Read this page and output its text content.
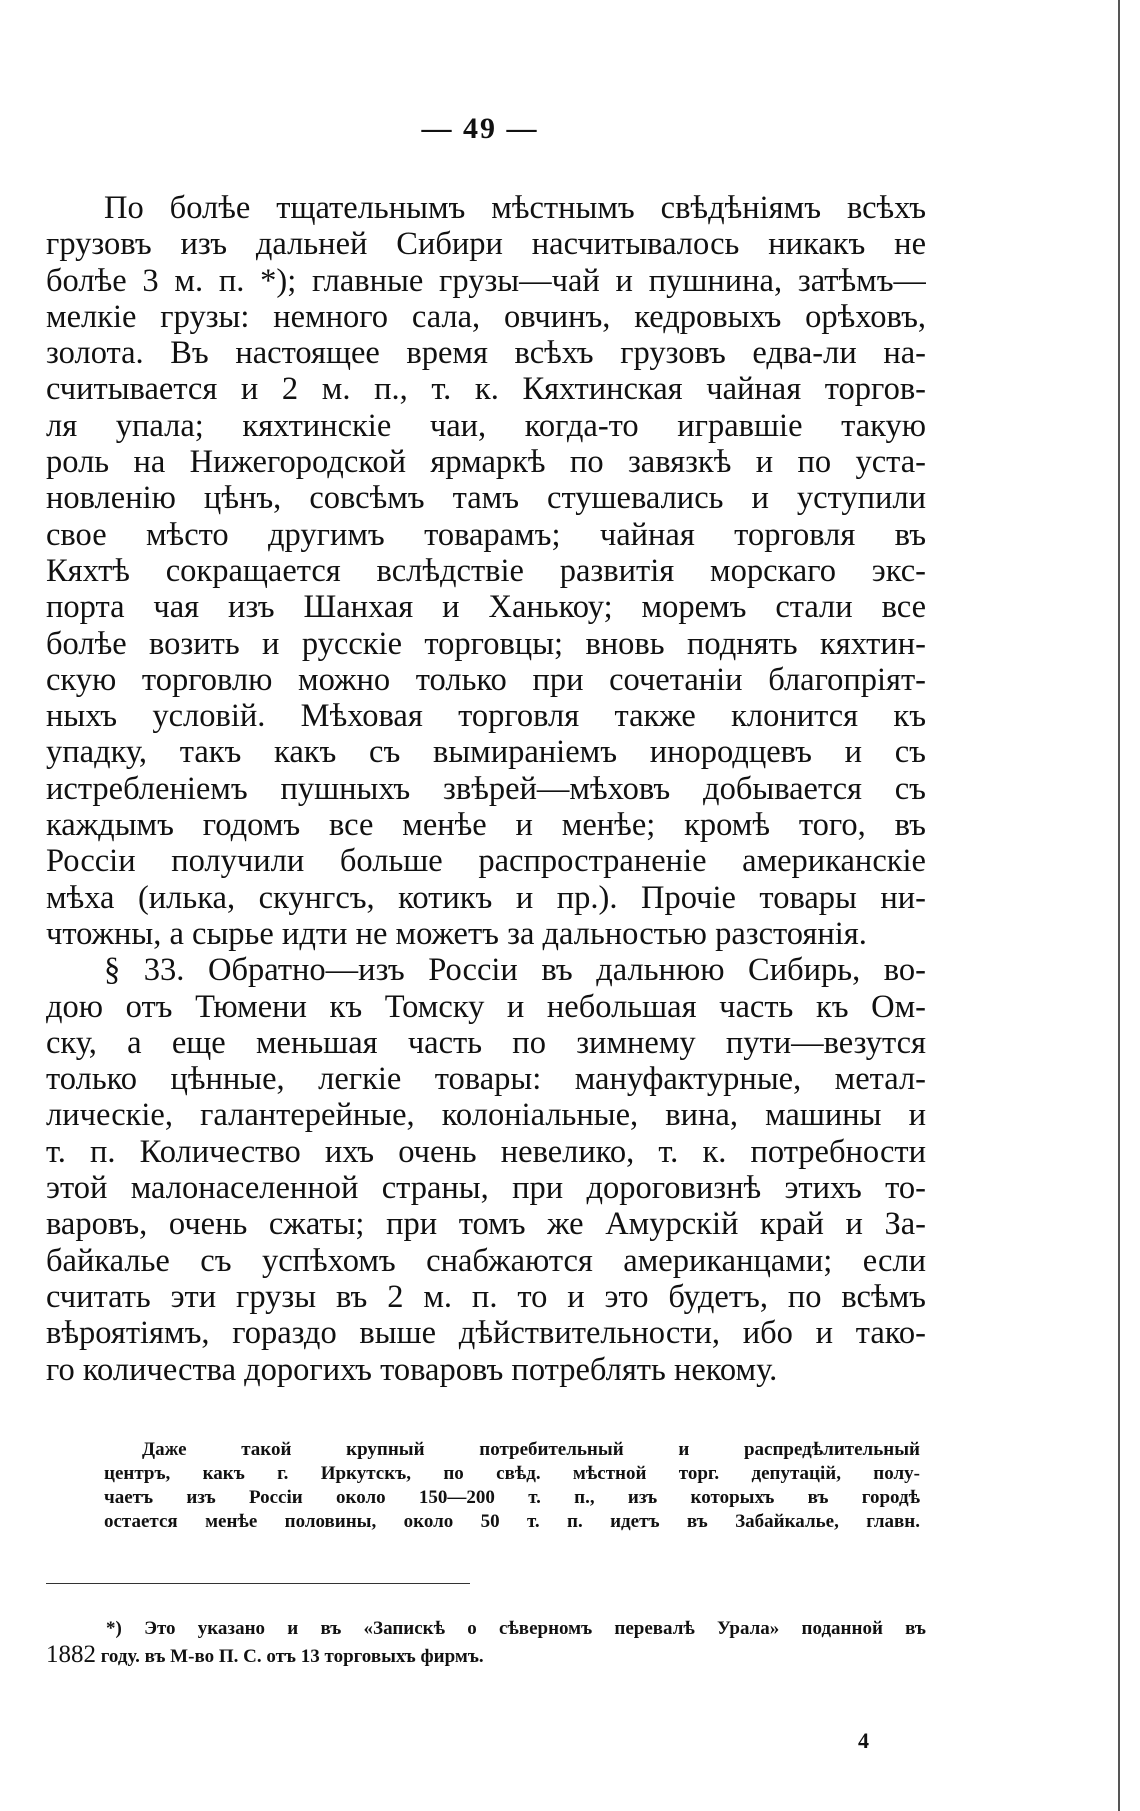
— 49 —
По болѣе тщательнымъ мѣстнымъ свѣдѣніямъ всѣхъ
грузовъ изъ дальней Сибири насчитывалось никакъ не
болѣе 3 м. п. *); главные грузы—чай и пушнина, затѣмъ—
мелкіе грузы: немного сала, овчинъ, кедровыхъ орѣховъ,
золота. Въ настоящее время всѣхъ грузовъ едва-ли на-
считывается и 2 м. п., т. к. Кяхтинская чайная торгов-
ля упала; кяхтинскіе чаи, когда-то игравшіе такую
роль на Нижегородской ярмаркѣ по завязкѣ и по уста-
новленію цѣнъ, совсѣмъ тамъ стушевались и уступили
свое мѣсто другимъ товарамъ; чайная торговля въ
Кяхтѣ сокращается вслѣдствіе развитія морскаго экс-
порта чая изъ Шанхая и Ханькоу; моремъ стали все
болѣе возить и русскіе торговцы; вновь поднять кяхтин-
скую торговлю можно только при сочетаніи благопріят-
ныхъ условій. Мѣховая торговля также клонится къ
упадку, такъ какъ съ вымираніемъ инородцевъ и съ
истребленіемъ пушныхъ звѣрей—мѣховъ добывается съ
каждымъ годомъ все менѣе и менѣе; кромѣ того, въ
Россіи получили больше распространеніе американскіе
мѣха (илька, скунгсъ, котикъ и пр.). Прочіе товары ни-
чтожны, а сырье идти не можетъ за дальностью разстоянія.
§ 33. Обратно—изъ Россіи въ дальнюю Сибирь, во-
дою отъ Тюмени къ Томску и небольшая часть къ Ом-
ску, а еще меньшая часть по зимнему пути—везутся
только цѣнные, легкіе товары: мануфактурные, метал-
лическіе, галантерейные, колоніальные, вина, машины и
т. п. Количество ихъ очень невелико, т. к. потребности
этой малонаселенной страны, при дороговизнѣ этихъ то-
варовъ, очень сжаты; при томъ же Амурскій край и За-
байкалье съ успѣхомъ снабжаются американцами; если
считать эти грузы въ 2 м. п. то и это будетъ, по всѣмъ
вѣроятіямъ, гораздо выше дѣйствительности, ибо и тако-
го количества дорогихъ товаровъ потреблять некому.
Даже такой крупный потребительный и распредѣлительный
центръ, какъ г. Иркутскъ, по свѣд. мѣстной торг. депутацій, полу-
чаетъ изъ Россіи около 150—200 т. п., изъ которыхъ въ городѣ
остается менѣе половины, около 50 т. п. идетъ въ Забайкалье, главн.
*) Это указано и въ «Запискѣ о сѣверномъ перевалѣ Урала» поданной въ
1882 году. въ М-во П. С. отъ 13 торговыхъ фирмъ.
4
